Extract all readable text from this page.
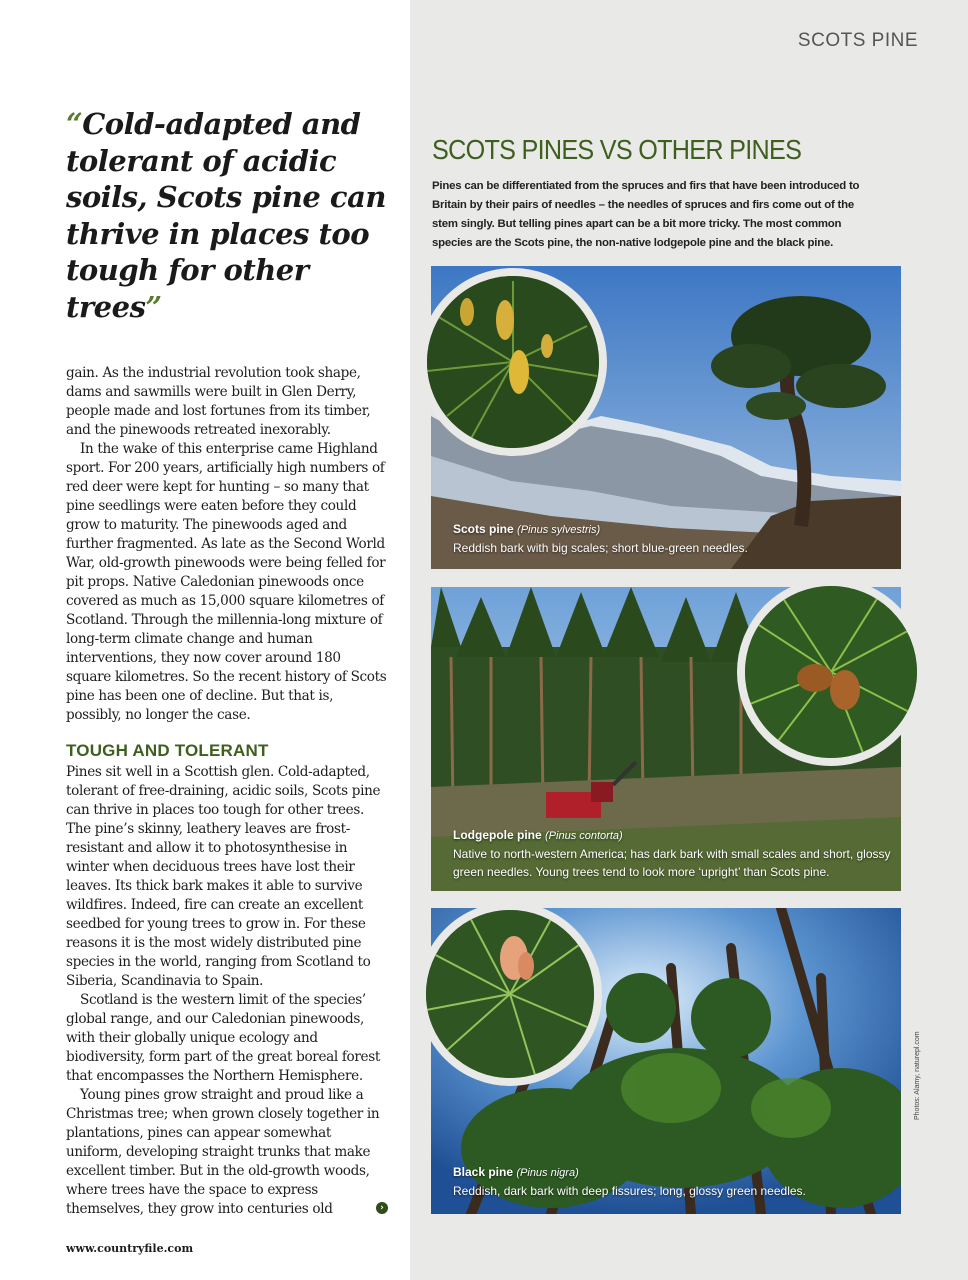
SCOTS PINE
“Cold-adapted and tolerant of acidic soils, Scots pine can thrive in places too tough for other trees”

gain. As the industrial revolution took shape, dams and sawmills were built in Glen Derry, people made and lost fortunes from its timber, and the pinewoods retreated inexorably.

In the wake of this enterprise came Highland sport. For 200 years, artificially high numbers of red deer were kept for hunting – so many that pine seedlings were eaten before they could grow to maturity. The pinewoods aged and further fragmented. As late as the Second World War, old-growth pinewoods were being felled for pit props. Native Caledonian pinewoods once covered as much as 15,000 square kilometres of Scotland. Through the millennia-long mixture of long-term climate change and human interventions, they now cover around 180 square kilometres. So the recent history of Scots pine has been one of decline. But that is, possibly, no longer the case.

TOUGH AND TOLERANT

Pines sit well in a Scottish glen. Cold-adapted, tolerant of free-draining, acidic soils, Scots pine can thrive in places too tough for other trees. The pine’s skinny, leathery leaves are frost-resistant and allow it to photosynthesise in winter when deciduous trees have lost their leaves. Its thick bark makes it able to survive wildfires. Indeed, fire can create an excellent seedbed for young trees to grow in. For these reasons it is the most widely distributed pine species in the world, ranging from Scotland to Siberia, Scandinavia to Spain.

Scotland is the western limit of the species’ global range, and our Caledonian pinewoods, with their globally unique ecology and biodiversity, form part of the great boreal forest that encompasses the Northern Hemisphere.

Young pines grow straight and proud like a Christmas tree; when grown closely together in plantations, pines can appear somewhat uniform, developing straight trunks that make excellent timber. But in the old-growth woods, where trees have the space to express themselves, they grow into centuries old	›
www.countryfile.com
SCOTS PINES VS OTHER PINES
Pines can be differentiated from the spruces and firs that have been introduced to Britain by their pairs of needles – the needles of spruces and firs come out of the stem singly. But telling pines apart can be a bit more tricky. The most common species are the Scots pine, the non-native lodgepole pine and the black pine.
Scots pine (Pinus sylvestris)
Reddish bark with big scales; short blue-green needles.
Lodgepole pine (Pinus contorta)
Native to north-western America; has dark bark with small scales and short, glossy green needles. Young trees tend to look more ‘upright’ than Scots pine.
Black pine (Pinus nigra)
Reddish, dark bark with deep fissures; long, glossy green needles.
Photos: Alamy, naturepl.com
